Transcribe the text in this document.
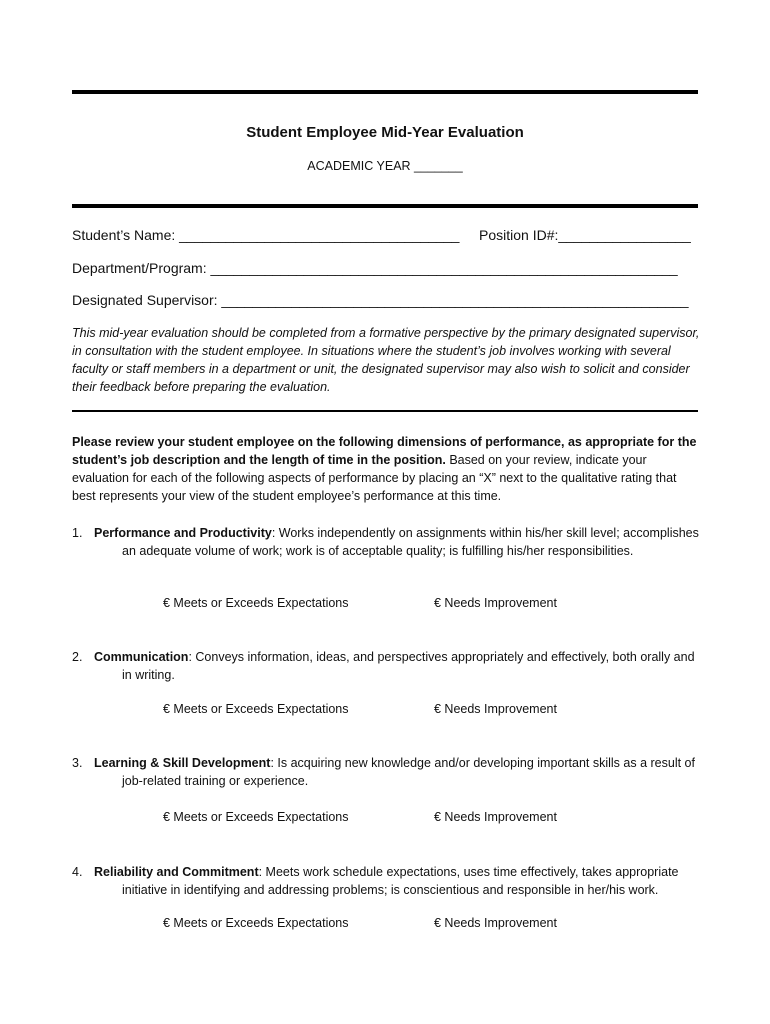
Student Employee Mid-Year Evaluation
ACADEMIC YEAR _______
Student’s Name: ____________________________________ Position ID#:_________________
Department/Program: ____________________________________________________________
Designated Supervisor: ____________________________________________________________
This mid-year evaluation should be completed from a formative perspective by the primary designated supervisor, in consultation with the student employee. In situations where the student’s job involves working with several faculty or staff members in a department or unit, the designated supervisor may also wish to solicit and consider their feedback before preparing the evaluation.
Please review your student employee on the following dimensions of performance, as appropriate for the student’s job description and the length of time in the position. Based on your review, indicate your evaluation for each of the following aspects of performance by placing an “X” next to the qualitative rating that best represents your view of the student employee’s performance at this time.
1. Performance and Productivity: Works independently on assignments within his/her skill level; accomplishes an adequate volume of work; work is of acceptable quality; is fulfilling his/her responsibilities.
€ Meets or Exceeds Expectations	€ Needs Improvement
2. Communication: Conveys information, ideas, and perspectives appropriately and effectively, both orally and in writing.
€ Meets or Exceeds Expectations	€ Needs Improvement
3. Learning & Skill Development: Is acquiring new knowledge and/or developing important skills as a result of job-related training or experience.
€ Meets or Exceeds Expectations	€ Needs Improvement
4. Reliability and Commitment: Meets work schedule expectations, uses time effectively, takes appropriate initiative in identifying and addressing problems; is conscientious and responsible in her/his work.
€ Meets or Exceeds Expectations	€ Needs Improvement
